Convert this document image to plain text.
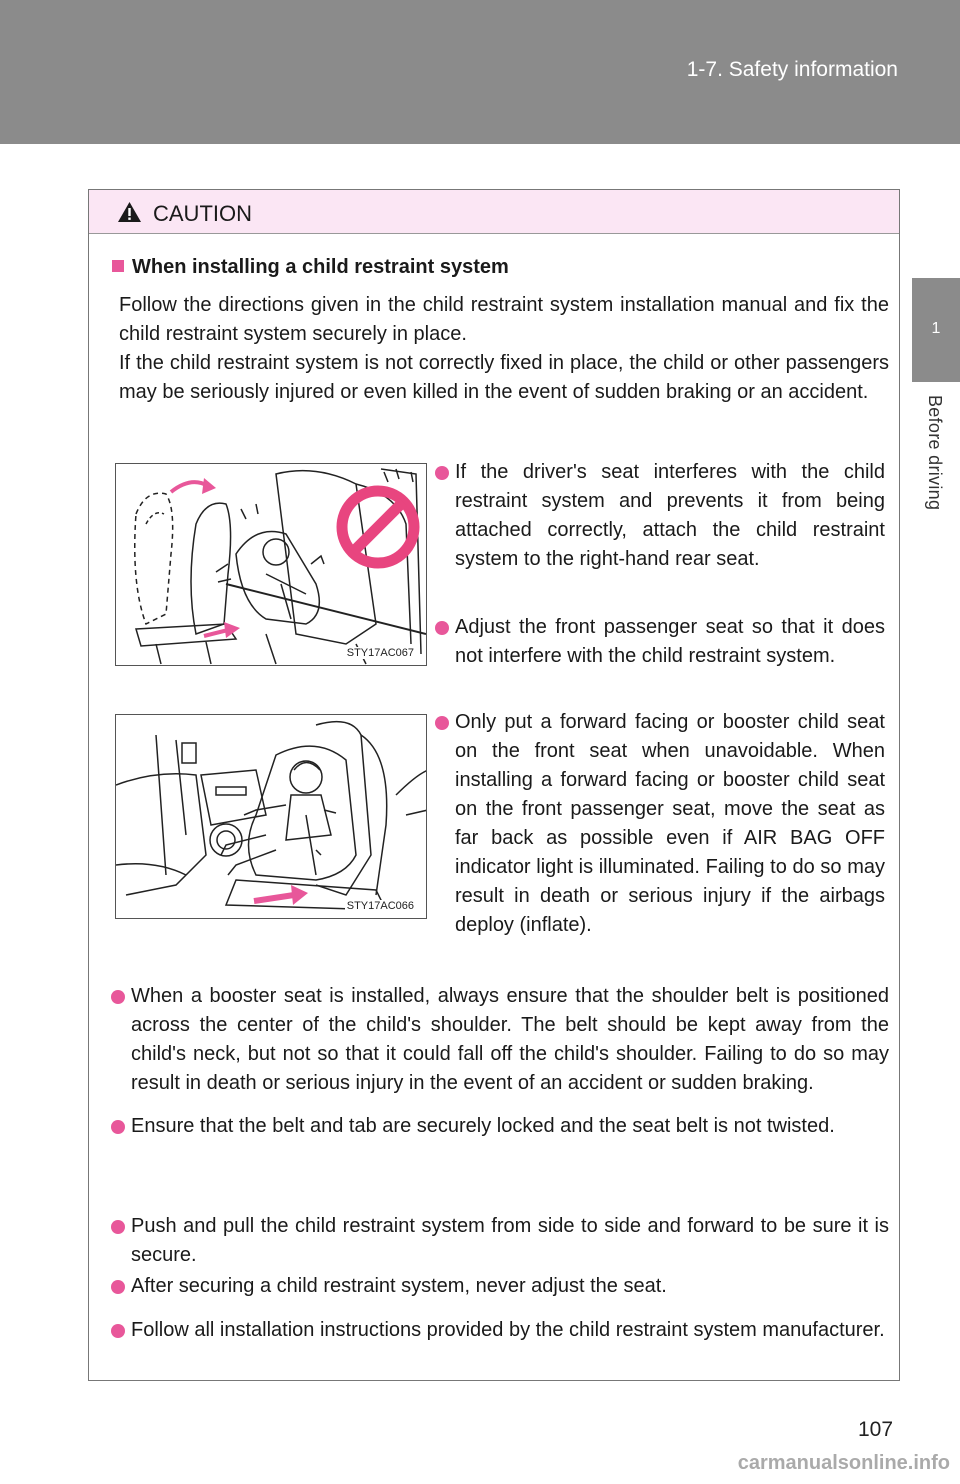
1-7. Safety information
1
Before driving
CAUTION
When installing a child restraint system
Follow the directions given in the child restraint system installation manual and fix the child restraint system securely in place.
If the child restraint system is not correctly fixed in place, the child or other passengers may be seriously injured or even killed in the event of sudden braking or an accident.
STY17AC067
STY17AC066
If the driver's seat interferes with the child restraint system and prevents it from being attached correctly, attach the child restraint system to the right-hand rear seat.
Adjust the front passenger seat so that it does not interfere with the child restraint system.
Only put a forward facing or booster child seat on the front seat when unavoidable. When installing a forward facing or booster child seat on the front passenger seat, move the seat as far back as possible even if AIR BAG OFF indicator light is illuminated. Failing to do so may result in death or serious injury if the airbags deploy (inflate).
When a booster seat is installed, always ensure that the shoulder belt is positioned across the center of the child's shoulder. The belt should be kept away from the child's neck, but not so that it could fall off the child's shoulder. Failing to do so may result in death or serious injury in the event of an accident or sudden braking.
Ensure that the belt and tab are securely locked and the seat belt is not twisted.
Push and pull the child restraint system from side to side and forward to be sure it is secure.
After securing a child restraint system, never adjust the seat.
Follow all installation instructions provided by the child restraint system manufacturer.
107
carmanualsonline.info
